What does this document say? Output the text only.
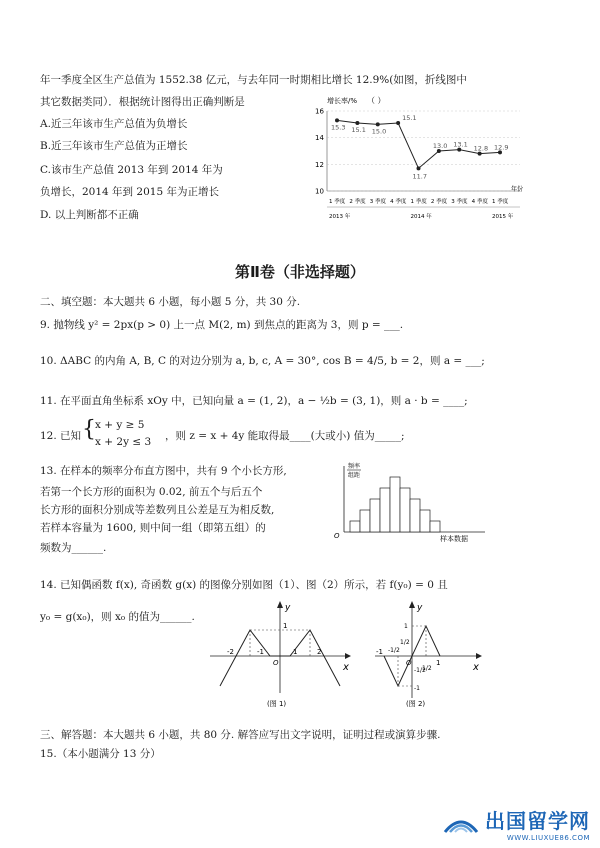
年一季度全区生产总值为 1552.38 亿元，与去年同一时期相比增长 12.9%(如图，折线图中
其它数据类同）．根据统计图得出正确判断是
A.近三年该市生产总值为负增长
B.近三年该市生产总值为正增长
C.该市生产总值 2013 年到 2014 年为
负增长，2014 年到 2015 年为正增长
D. 以上判断都不正确
增长率/% （ ）
16
14
12
10
15.3 15.1 15.0
15.1
11.7
13.0 13.1 12.8 12.9
1 季度 2 季度 3 季度 4 季度 1 季度 2 季度 3 季度 4 季度 1 季度
2013 年	2014 年	2015 年
年份
第Ⅱ卷（非选择题）
二、填空题：本大题共 6 小题，每小题 5 分，共 30 分.
9. 抛物线 y² = 2px(p > 0) 上一点 M(2, m) 到焦点的距离为 3，则 p = ___.
10. ΔABC 的内角 A, B, C 的对边分别为 a, b, c, A = 30°, cos B = 4/5, b = 2，则 a = ___;
11. 在平面直角坐标系 xOy 中，已知向量 a = (1, 2)，a − ½b = (3, 1)，则 a · b = ____;
12. 已知 { x + y ≥ 5
x + 2y ≤ 3 ，则 z = x + 4y 能取得最____(大或小) 值为_____;
13. 在样本的频率分布直方图中，共有 9 个小长方形,
若第一个长方形的面积为 0.02, 前五个与后五个
长方形的面积分别成等差数列且公差是互为相反数,
若样本容量为 1600, 则中间一组（即第五组）的
频数为______.
频率
组距
O	样本数据
14. 已知偶函数 f(x), 奇函数 g(x) 的图像分别如图（1）、图（2）所示，若 f(y₀) = 0 且
y₀ = g(x₀)，则 x₀ 的值为______.
y
x
-2	-1
O
1	2
1
(图 1)
y
x
1
1/2
-1/2
-1
-1
O	1
1/2
-1/2
(图 2)
三、解答题：本大题共 6 小题，共 80 分. 解答应写出文字说明，证明过程或演算步骤.
15.（本小题满分 13 分）
出国留学网
WWW.LIUXUE86.COM
